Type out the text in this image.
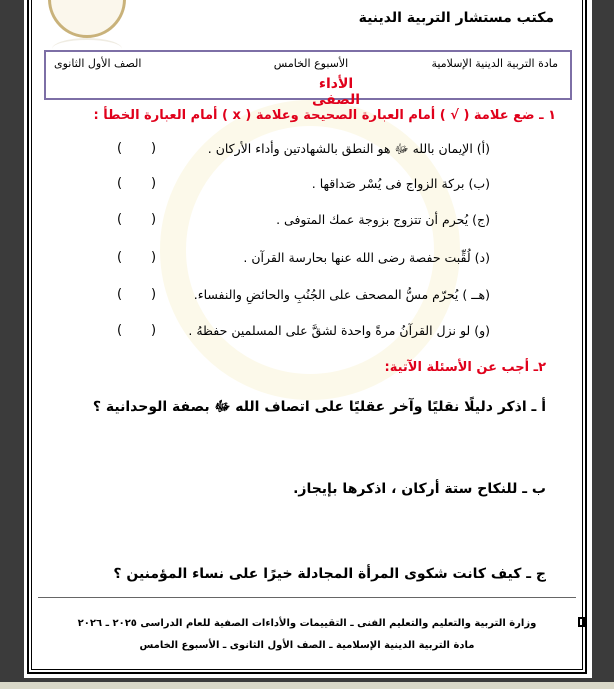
مكتب مستشار التربية الدينية
مادة التربية الدينية الإسلامية
الأسبوع الخامس
الصف الأول الثانوى
الأداء الصفى
١ ـ ضع علامة ( √ ) أمام العبارة الصحيحة وعلامة ( x ) أمام العبارة الخطأ :
(أ) الإيمان بالله ﷻ هو النطق بالشهادتين وأداء الأركان .
(ب) بركة الزواج فى يُسْر صَداقها .
(ج) يُحرم أن تتزوج بزوجة عمك المتوفى .
(د) لُقِّبت حفصة رضى الله عنها بحارسة القرآن .
(هــ ) يُحرّم مسُّ المصحف على الجُنُبِ والحائضِ والنفساء.
(و) لو نزل القرآنُ مرةً واحدة لشقَّ على المسلمين حفظهُ .
(       )
(       )
(       )
(       )
(       )
(       )
٢ـ أجب عن الأسئلة الآتية:
أ ـ اذكر دليلًا نقليًا وآخر عقليًا على اتصاف الله ﷻ بصفة الوحدانية ؟
ب ـ للنكاح ستة أركان ، اذكرها بإيجاز.
ج ـ كيف كانت شكوى المرأة المجادلة خيرًا على نساء المؤمنين ؟
وزارة التربية والتعليم والتعليم الفنى ـ التقييمات والأداءات الصفية للعام الدراسى ٢٠٢٥ ـ ٢٠٢٦
مادة التربية الدينية الإسلامية ـ الصف الأول الثانوى ـ الأسبوع الخامس
